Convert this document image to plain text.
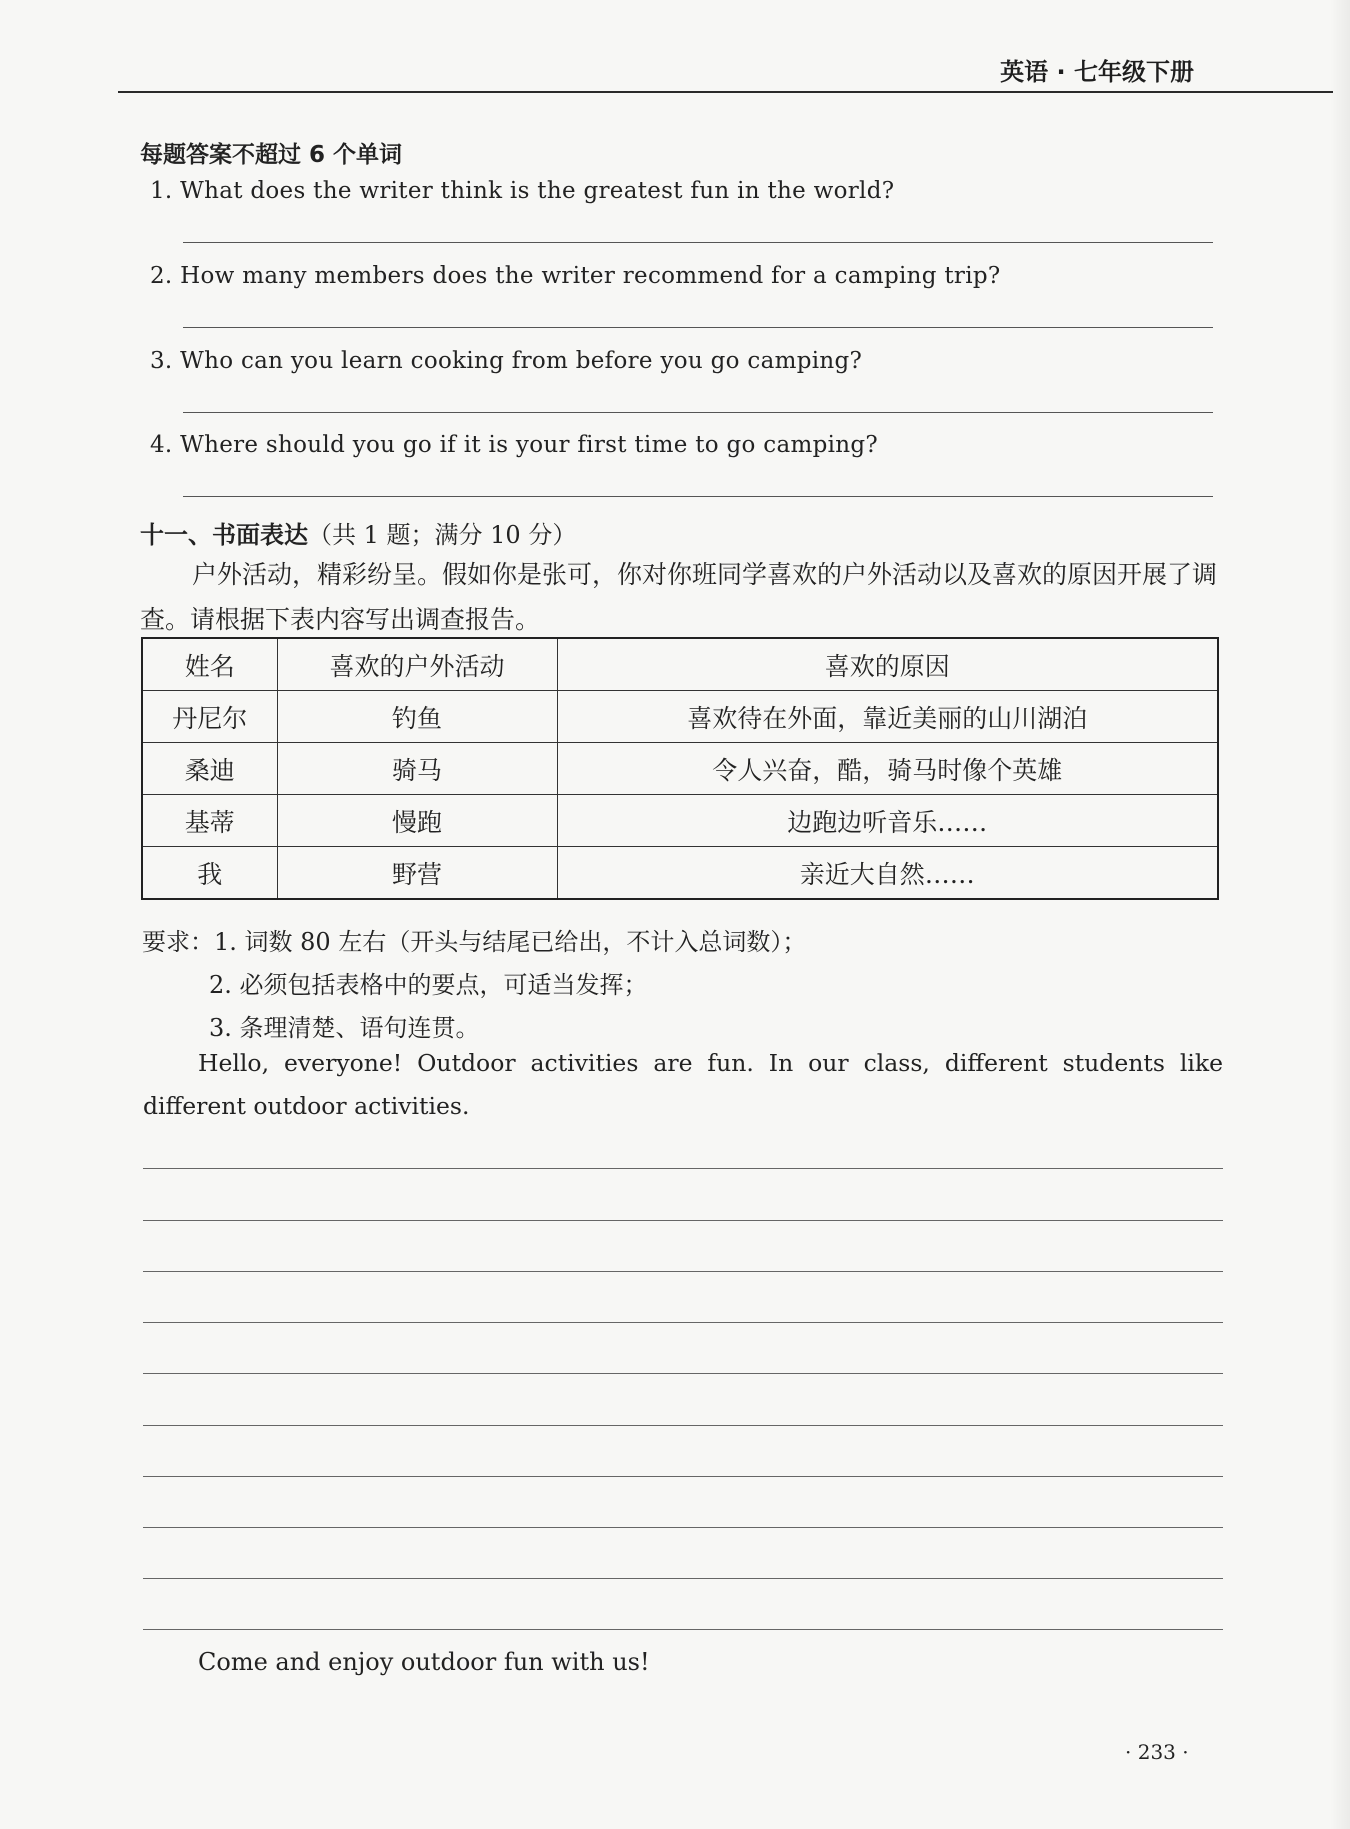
英语 · 七年级下册
每题答案不超过 6 个单词
1. What does the writer think is the greatest fun in the world?
2. How many members does the writer recommend for a camping trip?
3. Who can you learn cooking from before you go camping?
4. Where should you go if it is your first time to go camping?
十一、书面表达（共 1 题；满分 10 分）
户外活动，精彩纷呈。假如你是张可，你对你班同学喜欢的户外活动以及喜欢的原因开展了调查。请根据下表内容写出调查报告。
姓名	喜欢的户外活动	喜欢的原因
丹尼尔	钓鱼	喜欢待在外面，靠近美丽的山川湖泊
桑迪	骑马	令人兴奋，酷，骑马时像个英雄
基蒂	慢跑	边跑边听音乐……
我	野营	亲近大自然……
要求：1. 词数 80 左右（开头与结尾已给出，不计入总词数）；
2. 必须包括表格中的要点，可适当发挥；
3. 条理清楚、语句连贯。
Hello, everyone! Outdoor activities are fun. In our class, different students like different outdoor activities.
Come and enjoy outdoor fun with us!
· 233 ·
